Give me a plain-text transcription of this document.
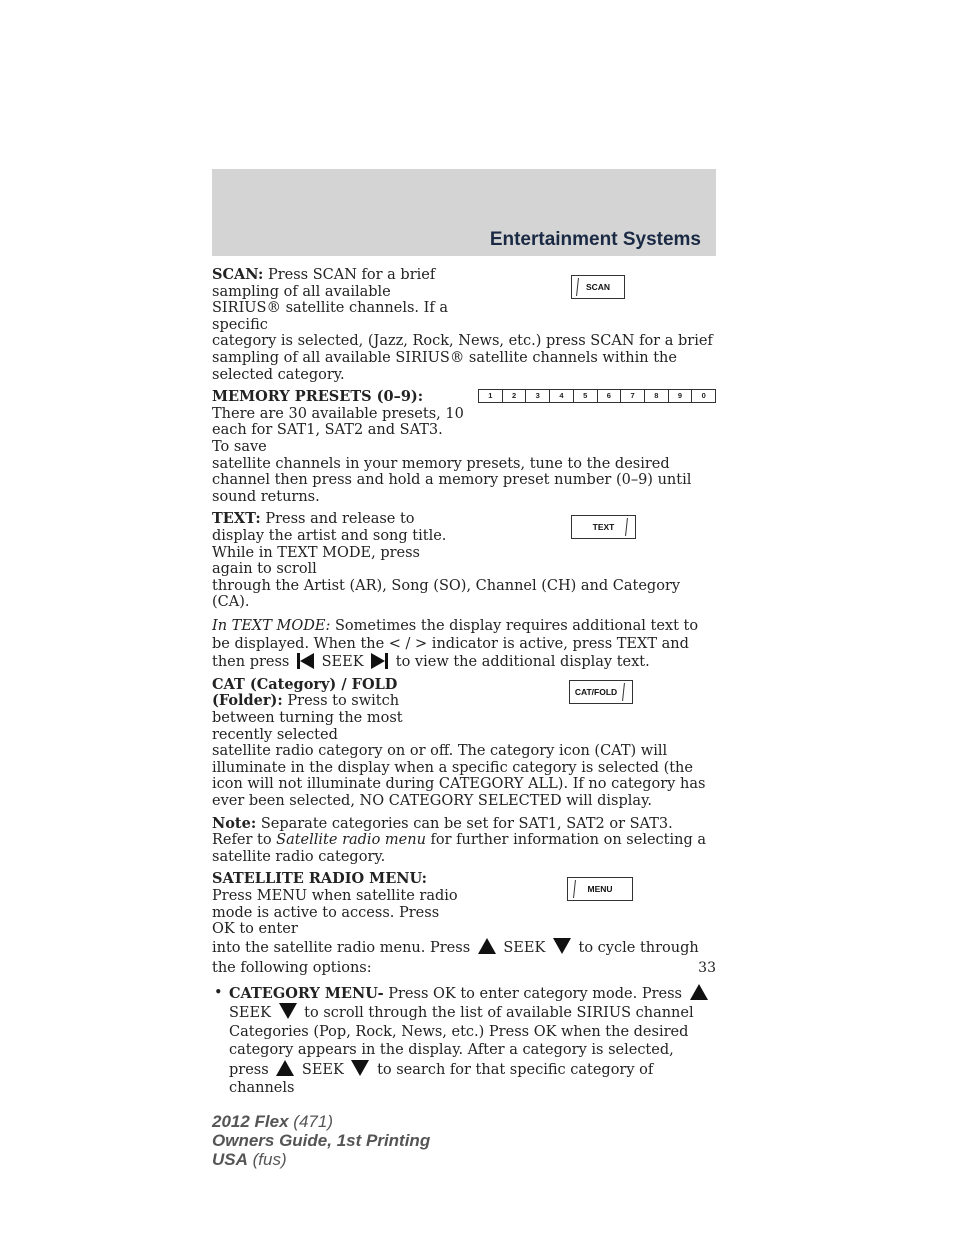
Entertainment Systems
SCAN

SCAN: Press SCAN for a brief sampling of all available SIRIUS® satellite channels. If a specific

category is selected, (Jazz, Rock, News, etc.) press SCAN for a brief sampling of all available SIRIUS® satellite channels within the selected category.

1	2	3	4	5	6	7	8	9	0

MEMORY PRESETS (0–9): There are 30 available presets, 10 each for SAT1, SAT2 and SAT3. To save

satellite channels in your memory presets, tune to the desired channel then press and hold a memory preset number (0–9) until sound returns.

TEXT

TEXT: Press and release to display the artist and song title. While in TEXT MODE, press again to scroll

through the Artist (AR), Song (SO), Channel (CH) and Category (CA).

In TEXT MODE: Sometimes the display requires additional text to be displayed. When the < / > indicator is active, press TEXT and then press SEEK to view the additional display text.

CAT/FOLD

CAT (Category) / FOLD (Folder): Press to switch between turning the most recently selected

satellite radio category on or off. The category icon (CAT) will illuminate in the display when a specific category is selected (the icon will not illuminate during CATEGORY ALL). If no category has ever been selected, NO CATEGORY SELECTED will display.

Note: Separate categories can be set for SAT1, SAT2 or SAT3. Refer to Satellite radio menu for further information on selecting a satellite radio category.

MENU

SATELLITE RADIO MENU: Press MENU when satellite radio mode is active to access. Press OK to enter

into the satellite radio menu. Press SEEK to cycle through the following options:

• CATEGORY MENU- Press OK to enter category mode. Press  SEEK to scroll through the list of available SIRIUS channel Categories (Pop, Rock, News, etc.) Press OK when the desired category appears in the display. After a category is selected, press SEEK to search for that specific category of channels

33
2012 Flex (471)
Owners Guide, 1st Printing
USA (fus)
